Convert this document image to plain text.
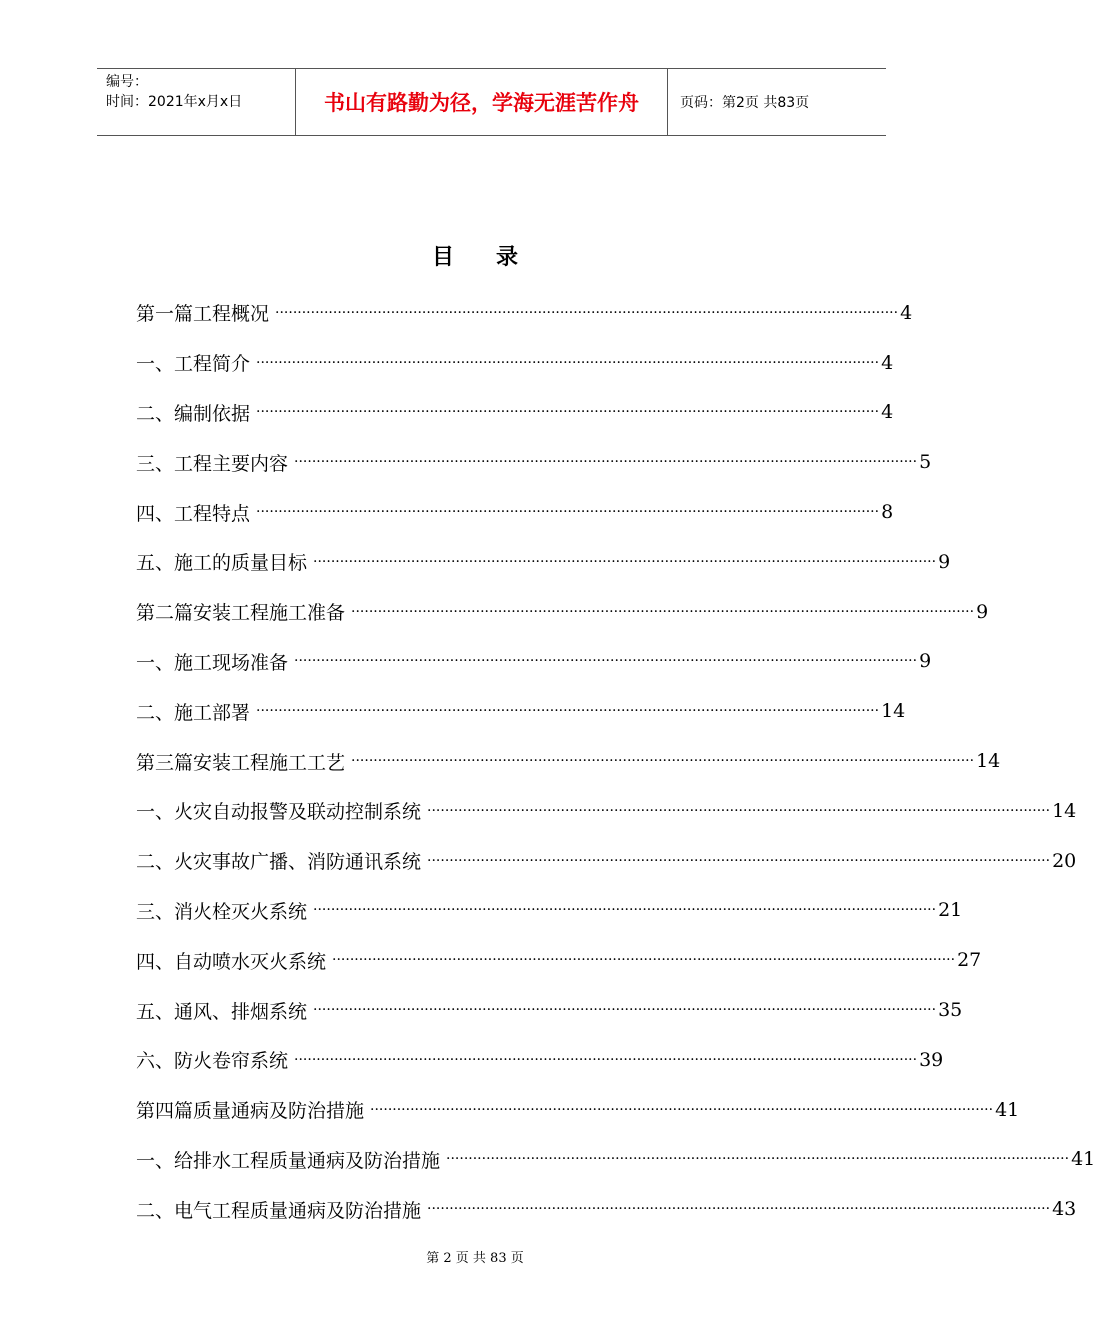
编号：
时间：2021年x月x日	书山有路勤为径，学海无涯苦作舟	页码：第2页 共83页
目录
第一篇 工程概况 ············································································································································ 4
一、 工程简介 ············································································································································ 4
二、 编制依据 ············································································································································ 4
三、 工程主要内容 ············································································································································ 5
四、 工程特点 ············································································································································ 8
五、 施工的质量目标 ············································································································································ 9
第二篇 安装工程施工准备 ············································································································································ 9
一、 施工现场准备 ············································································································································ 9
二、 施工部署 ············································································································································ 14
第三篇 安装工程施工工艺 ············································································································································ 14
一、 火灾自动报警及联动控制系统 ············································································································································ 14
二、 火灾事故广播、消防通讯系统 ············································································································································ 20
三、 消火栓灭火系统 ············································································································································ 21
四、 自动喷水灭火系统 ············································································································································ 27
五、 通风、排烟系统 ············································································································································ 35
六、 防火卷帘系统 ············································································································································ 39
第四篇 质量通病及防治措施 ············································································································································ 41
一、 给排水工程质量通病及防治措施 ············································································································································ 41
二、 电气工程质量通病及防治措施 ············································································································································ 43
第 2 页 共 83 页
